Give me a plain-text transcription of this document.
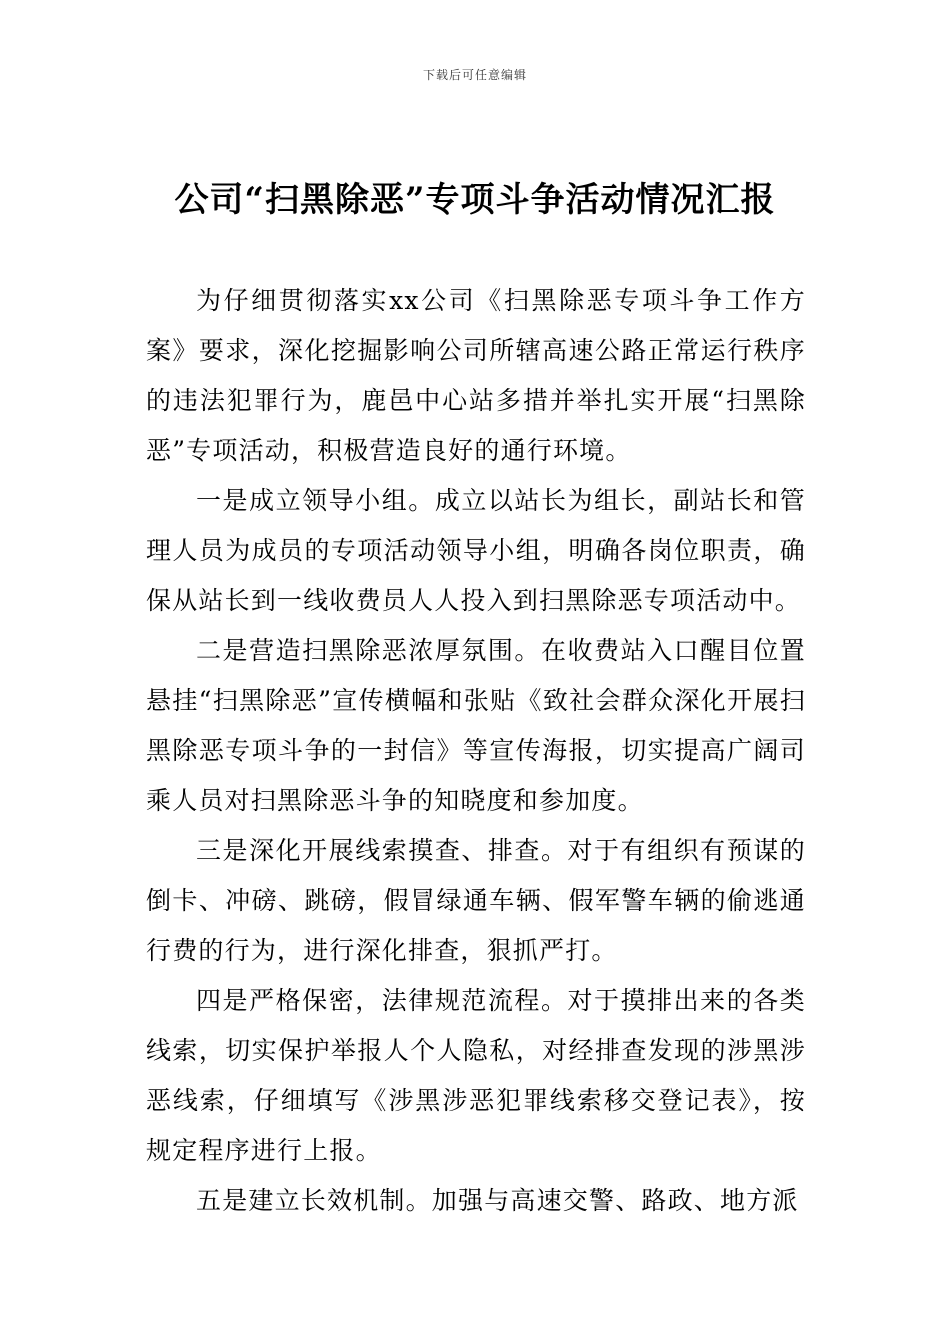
下载后可任意编辑
公司“扫黑除恶”专项斗争活动情况汇报

为仔细贯彻落实xx公司《扫黑除恶专项斗争工作方案》要求，深化挖掘影响公司所辖高速公路正常运行秩序的违法犯罪行为，鹿邑中心站多措并举扎实开展“扫黑除恶”专项活动，积极营造良好的通行环境。

一是成立领导小组。成立以站长为组长，副站长和管理人员为成员的专项活动领导小组，明确各岗位职责，确保从站长到一线收费员人人投入到扫黑除恶专项活动中。

二是营造扫黑除恶浓厚氛围。在收费站入口醒目位置悬挂“扫黑除恶”宣传横幅和张贴《致社会群众深化开展扫黑除恶专项斗争的一封信》等宣传海报，切实提高广阔司乘人员对扫黑除恶斗争的知晓度和参加度。

三是深化开展线索摸查、排查。对于有组织有预谋的倒卡、冲磅、跳磅，假冒绿通车辆、假军警车辆的偷逃通行费的行为，进行深化排查，狠抓严打。

四是严格保密，法律规范流程。对于摸排出来的各类线索，切实保护举报人个人隐私，对经排查发现的涉黑涉恶线索，仔细填写《涉黑涉恶犯罪线索移交登记表》，按规定程序进行上报。

五是建立长效机制。加强与高速交警、路政、地方派
